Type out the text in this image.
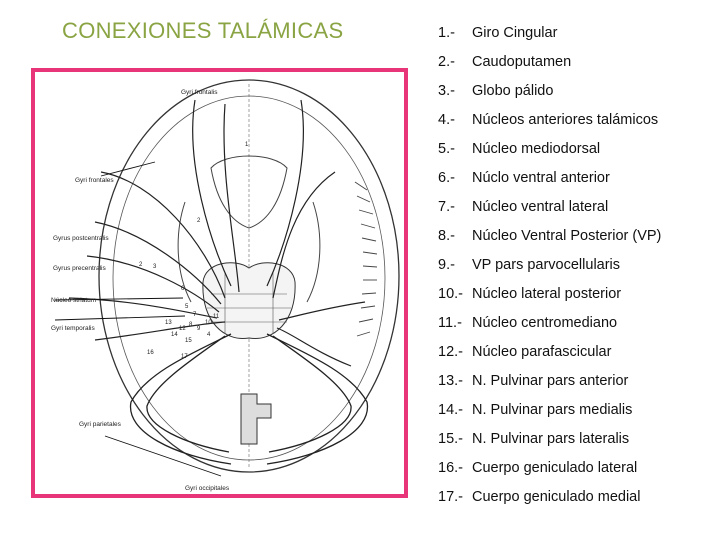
CONEXIONES TALÁMICAS
Gyri frontalis
Gyri frontales
Gyrus postcentralis
Gyrus precentralis
Núcleo striatum
Gyri temporalis
Gyri parietales
Gyri occipitales
1
2
2 3
4
5
6
7
8
9
10
11
12
13
14
15
16
17
1.- Giro Cingular
2.- Caudoputamen
3.- Globo pálido
4.- Núcleos anteriores talámicos
5.- Núcleo mediodorsal
6.- Núclo ventral anterior
7.- Núcleo ventral lateral
8.- Núcleo Ventral Posterior (VP)
9.- VP pars parvocellularis
10.- Núcleo lateral posterior
11.- Núcleo centromediano
12.- Núcleo parafascicular
13.- N. Pulvinar pars anterior
14.- N. Pulvinar pars medialis
15.- N. Pulvinar pars lateralis
16.- Cuerpo geniculado lateral
17.- Cuerpo geniculado medial
